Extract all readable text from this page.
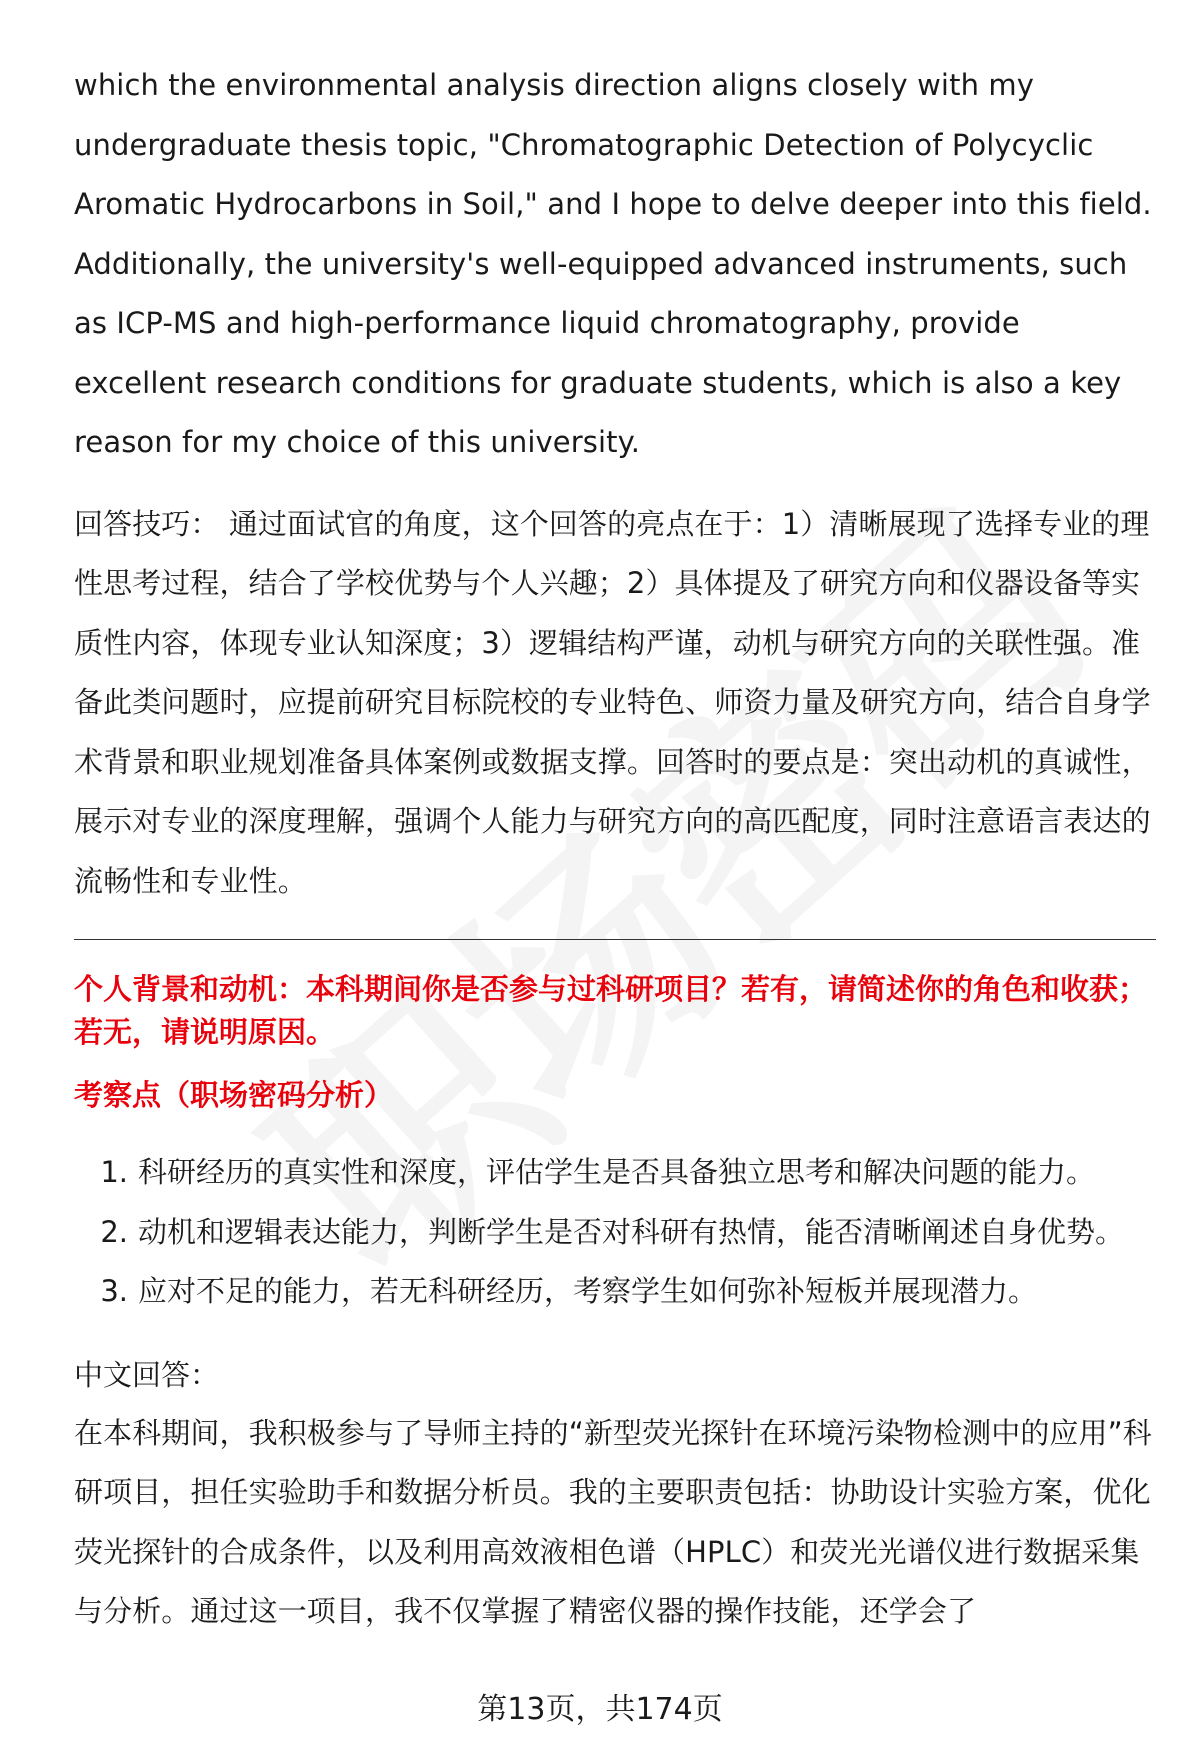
which the environmental analysis direction aligns closely with my undergraduate thesis topic, "Chromatographic Detection of Polycyclic Aromatic Hydrocarbons in Soil," and I hope to delve deeper into this field. Additionally, the university's well-equipped advanced instruments, such as ICP-MS and high-performance liquid chromatography, provide excellent research conditions for graduate students, which is also a key reason for my choice of this university.

回答技巧： 通过面试官的角度，这个回答的亮点在于：1）清晰展现了选择专业的理性思考过程，结合了学校优势与个人兴趣；2）具体提及了研究方向和仪器设备等实质性内容，体现专业认知深度；3）逻辑结构严谨，动机与研究方向的关联性强。准备此类问题时，应提前研究目标院校的专业特色、师资力量及研究方向，结合自身学术背景和职业规划准备具体案例或数据支撑。回答时的要点是：突出动机的真诚性，展示对专业的深度理解，强调个人能力与研究方向的高匹配度，同时注意语言表达的流畅性和专业性。

个人背景和动机：本科期间你是否参与过科研项目？若有，请简述你的角色和收获；若无，请说明原因。

考察点（职场密码分析）

1. 科研经历的真实性和深度，评估学生是否具备独立思考和解决问题的能力。
2. 动机和逻辑表达能力，判断学生是否对科研有热情，能否清晰阐述自身优势。
3. 应对不足的能力，若无科研经历，考察学生如何弥补短板并展现潜力。

中文回答：

在本科期间，我积极参与了导师主持的“新型荧光探针在环境污染物检测中的应用”科研项目，担任实验助手和数据分析员。我的主要职责包括：协助设计实验方案，优化荧光探针的合成条件，以及利用高效液相色谱（HPLC）和荧光光谱仪进行数据采集与分析。通过这一项目，我不仅掌握了精密仪器的操作技能，还学会了

第13页，共174页
